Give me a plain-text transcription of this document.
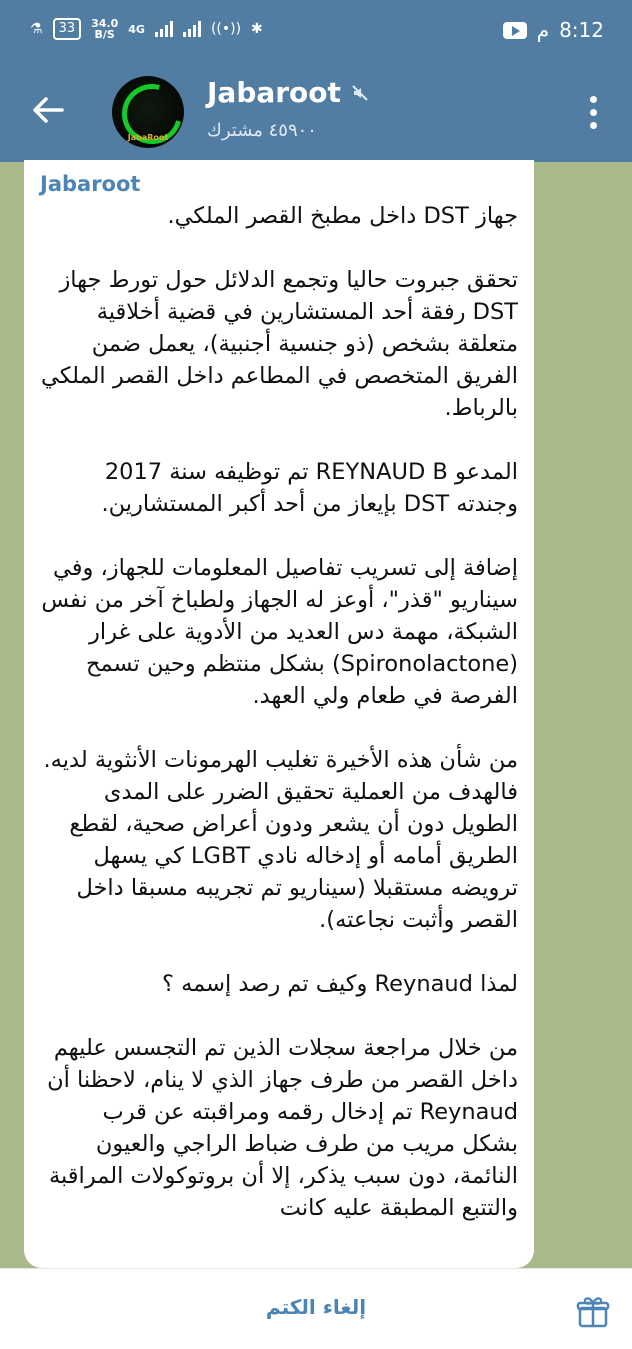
⚗	33	34.0
B/S	4G	((•)) ✱	م 8:12
JabaRoot
Jabaroot
٤٥٩٠٠ مشترك
Jabaroot

جهاز DST داخل مطبخ القصر الملكي.

تحقق جبروت حاليا وتجمع الدلائل حول تورط جهاز DST رفقة أحد المستشارين في قضية أخلاقية متعلقة بشخص (ذو جنسية أجنبية)، يعمل ضمن الفريق المتخصص في المطاعم داخل القصر الملكي بالرباط.

المدعو REYNAUD B تم توظيفه سنة 2017 وجندته DST بإيعاز من أحد أكبر المستشارين.

إضافة إلى تسريب تفاصيل المعلومات للجهاز، وفي سيناريو "قذر"، أوعز له الجهاز ولطباخ آخر من نفس الشبكة، مهمة دس العديد من الأدوية على غرار (Spironolactone) بشكل منتظم وحين تسمح الفرصة في طعام ولي العهد.

من شأن هذه الأخيرة تغليب الهرمونات الأنثوية لديه. فالهدف من العملية تحقيق الضرر على المدى الطويل دون أن يشعر ودون أعراض صحية، لقطع الطريق أمامه أو إدخاله نادي LGBT كي يسهل ترويضه مستقبلا (سيناريو تم تجريبه مسبقا داخل القصر وأثبت نجاعته).

لمذا Reynaud وكيف تم رصد إسمه ؟

من خلال مراجعة سجلات الذين تم التجسس عليهم داخل القصر من طرف جهاز الذي لا ينام، لاحظنا أن Reynaud تم إدخال رقمه ومراقبته عن قرب بشكل مريب من طرف ضباط الراجي والعيون النائمة، دون سبب يذكر، إلا أن بروتوكولات المراقبة والتتبع المطبقة عليه كانت

إلغاء الكتم
